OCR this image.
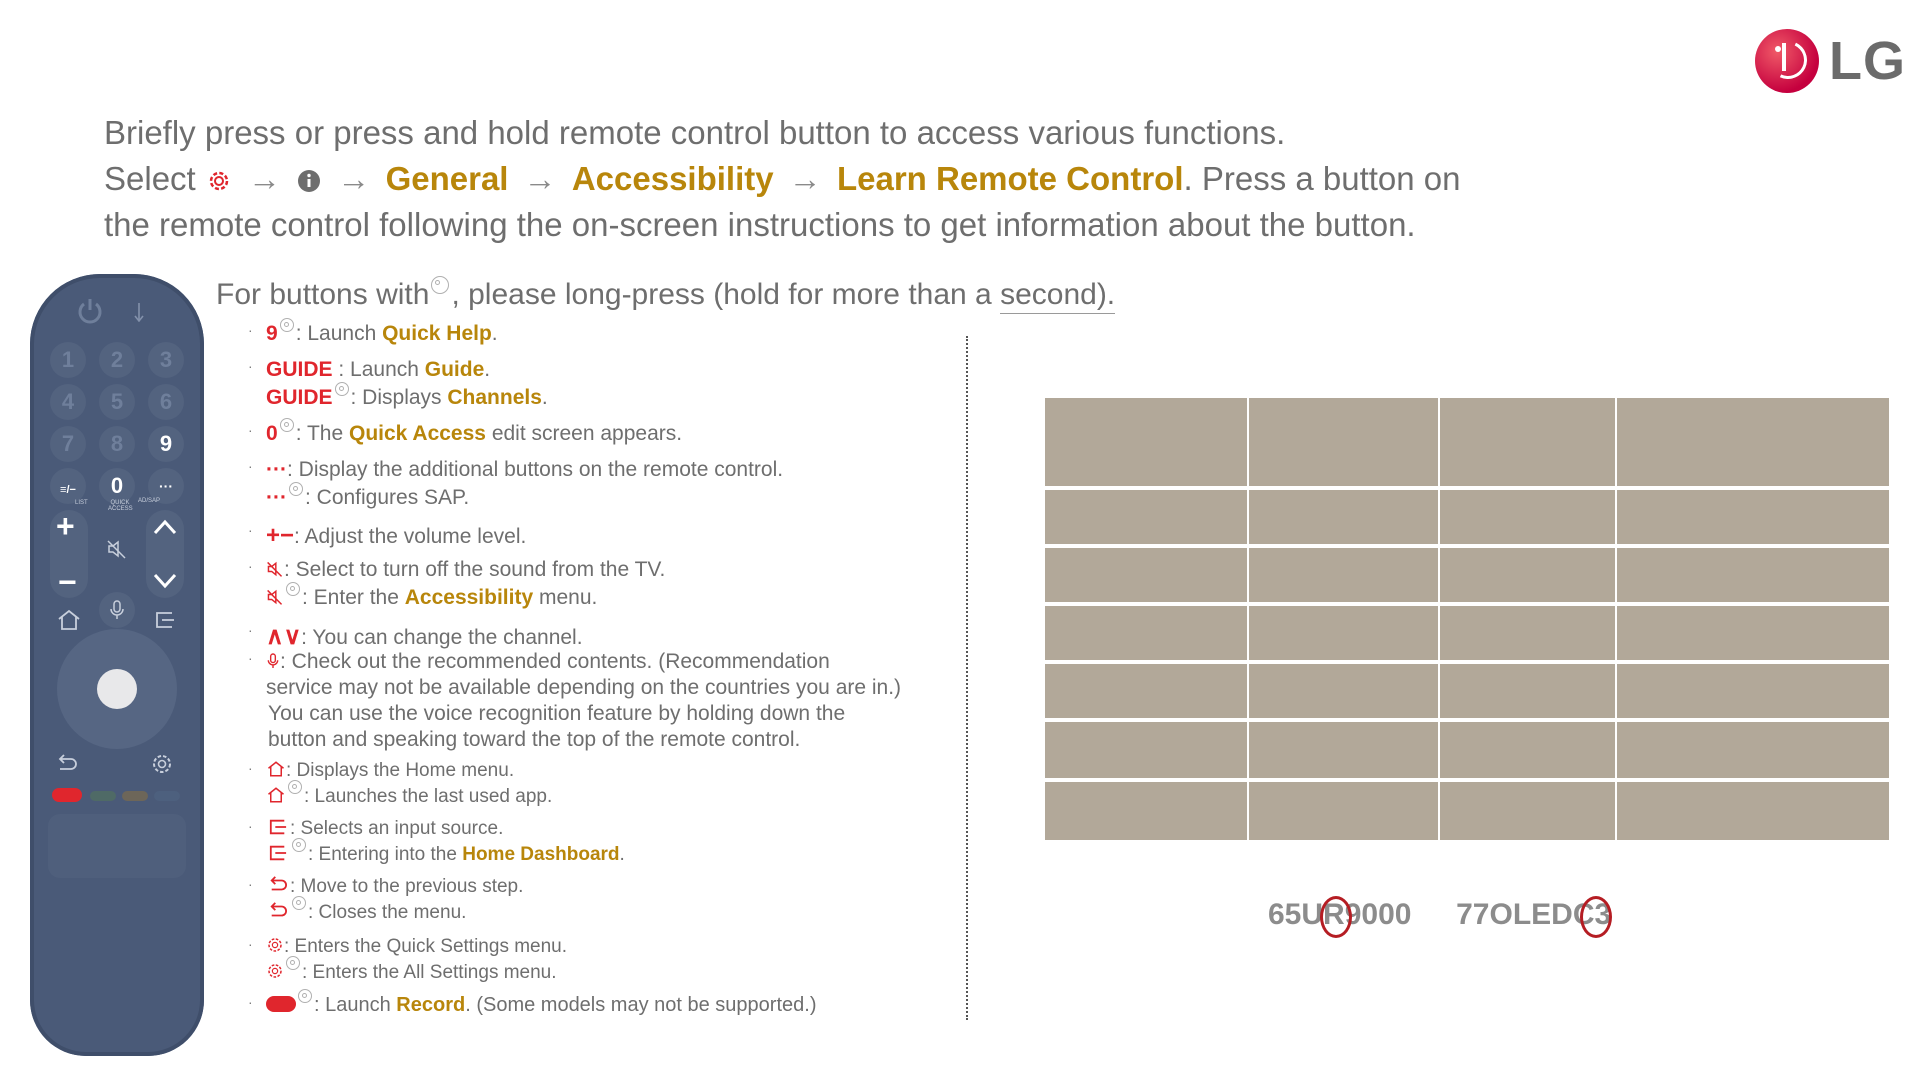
LG
Briefly press or press and hold remote control button to access various functions.
Select → → General → Accessibility → Learn Remote Control. Press a button on
the remote control following the on-screen instructions to get information about the button.
1	2	3
4	5	6
7	8	9
≡/−	0	···
LIST	QUICK ACCESS
AD/SAP
+
−
For buttons with , please long-press (hold for more than a second).
· 9 : Launch Quick Help.
· GUIDE : Launch Guide.
GUIDE : Displays Channels.
· 0 : The Quick Access edit screen appears.
· ···: Display the additional buttons on the remote control.
··· : Configures SAP.
· +−: Adjust the volume level.
·	: Select to turn off the sound from the TV.
: Enter the Accessibility menu.
· ∧∨: You can change the channel.
·	: Check out the recommended contents. (Recommendation
service may not be available depending on the countries you are in.)
You can use the voice recognition feature by holding down the
button and speaking toward the top of the remote control.
·	: Displays the Home menu.
: Launches the last used app.
·	: Selects an input source.
: Entering into the Home Dashboard.
·	: Move to the previous step.
: Closes the menu.
·	: Enters the Quick Settings menu.
: Enters the All Settings menu.
·	: Launch Record. (Some models may not be supported.)
65UR9000 77OLEDC3
